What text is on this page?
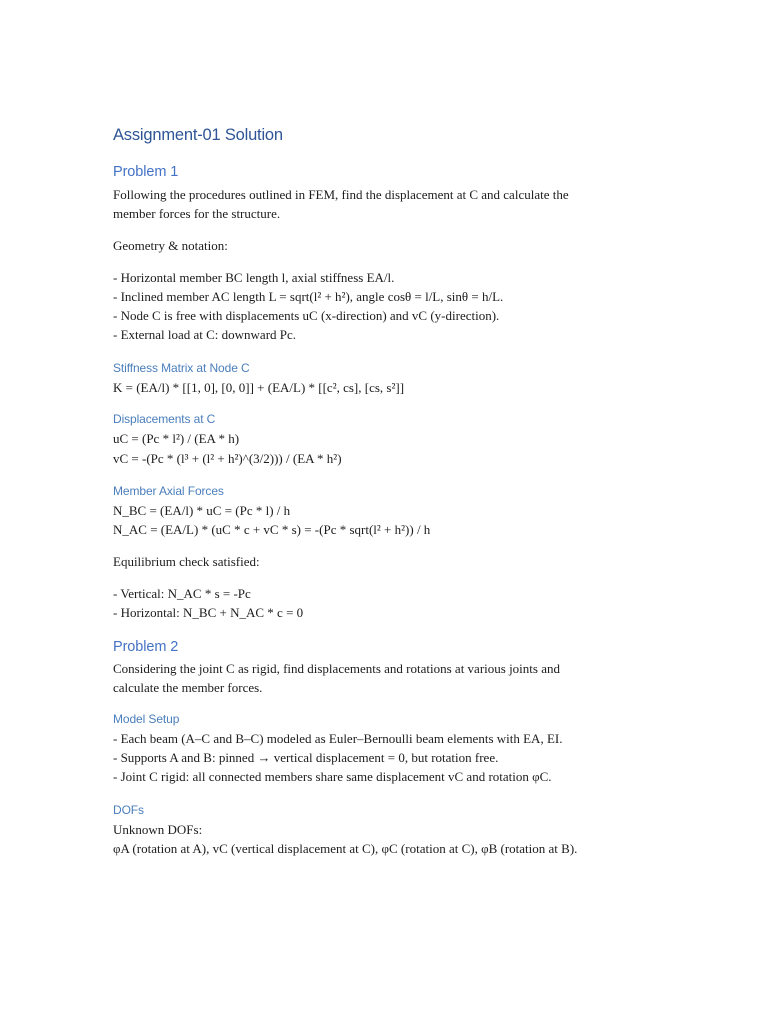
Assignment-01 Solution
Problem 1
Following the procedures outlined in FEM, find the displacement at C and calculate the
member forces for the structure.
Geometry & notation:
- Horizontal member BC length l, axial stiffness EA/l.
- Inclined member AC length L = sqrt(l² + h²), angle cosθ = l/L, sinθ = h/L.
- Node C is free with displacements uC (x-direction) and vC (y-direction).
- External load at C: downward Pc.
Stiffness Matrix at Node C
K = (EA/l) * [[1, 0], [0, 0]] + (EA/L) * [[c², cs], [cs, s²]]
Displacements at C
uC = (Pc * l²) / (EA * h)
vC = -(Pc * (l³ + (l² + h²)^(3/2))) / (EA * h²)
Member Axial Forces
N_BC = (EA/l) * uC = (Pc * l) / h
N_AC = (EA/L) * (uC * c + vC * s) = -(Pc * sqrt(l² + h²)) / h
Equilibrium check satisfied:
- Vertical: N_AC * s = -Pc
- Horizontal: N_BC + N_AC * c = 0
Problem 2
Considering the joint C as rigid, find displacements and rotations at various joints and
calculate the member forces.
Model Setup
- Each beam (A–C and B–C) modeled as Euler–Bernoulli beam elements with EA, EI.
- Supports A and B: pinned → vertical displacement = 0, but rotation free.
- Joint C rigid: all connected members share same displacement vC and rotation φC.
DOFs
Unknown DOFs:
φA (rotation at A), vC (vertical displacement at C), φC (rotation at C), φB (rotation at B).
